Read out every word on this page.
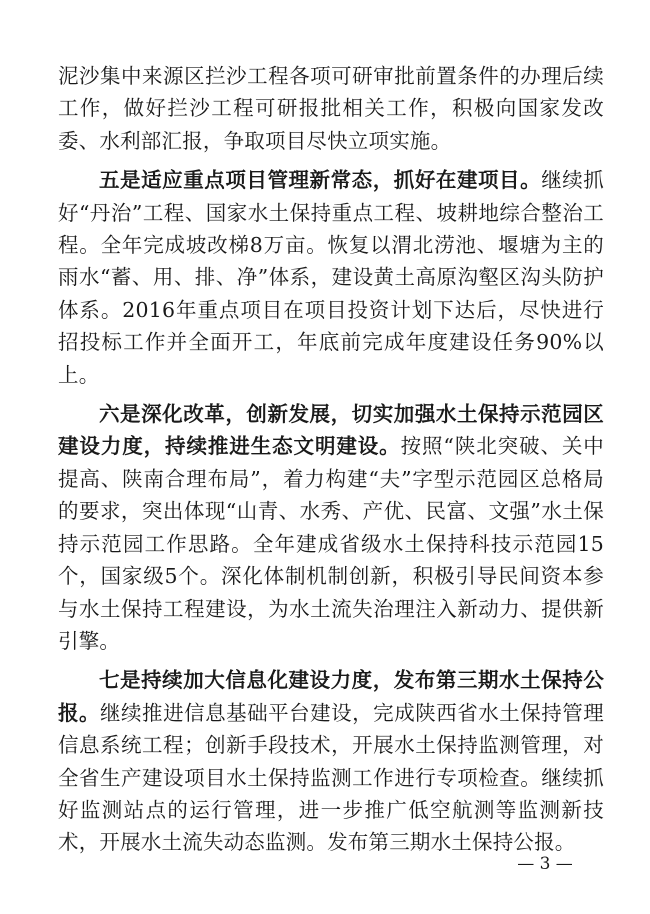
泥沙集中来源区拦沙工程各项可研审批前置条件的办理后续工作，做好拦沙工程可研报批相关工作，积极向国家发改委、水利部汇报，争取项目尽快立项实施。

五是适应重点项目管理新常态，抓好在建项目。继续抓好“丹治”工程、国家水土保持重点工程、坡耕地综合整治工程。全年完成坡改梯8万亩。恢复以渭北涝池、堰塘为主的雨水“蓄、用、排、净”体系，建设黄土高原沟壑区沟头防护体系。2016年重点项目在项目投资计划下达后，尽快进行招投标工作并全面开工，年底前完成年度建设任务90%以上。

六是深化改革，创新发展，切实加强水土保持示范园区建设力度，持续推进生态文明建设。按照“陕北突破、关中提高、陕南合理布局”，着力构建“夫”字型示范园区总格局的要求，突出体现“山青、水秀、产优、民富、文强”水土保持示范园工作思路。全年建成省级水土保持科技示范园15个，国家级5个。深化体制机制创新，积极引导民间资本参与水土保持工程建设，为水土流失治理注入新动力、提供新引擎。

七是持续加大信息化建设力度，发布第三期水土保持公报。继续推进信息基础平台建设，完成陕西省水土保持管理信息系统工程；创新手段技术，开展水土保持监测管理，对全省生产建设项目水土保持监测工作进行专项检查。继续抓好监测站点的运行管理，进一步推广低空航测等监测新技术，开展水土流失动态监测。发布第三期水土保持公报。

— 3 —
